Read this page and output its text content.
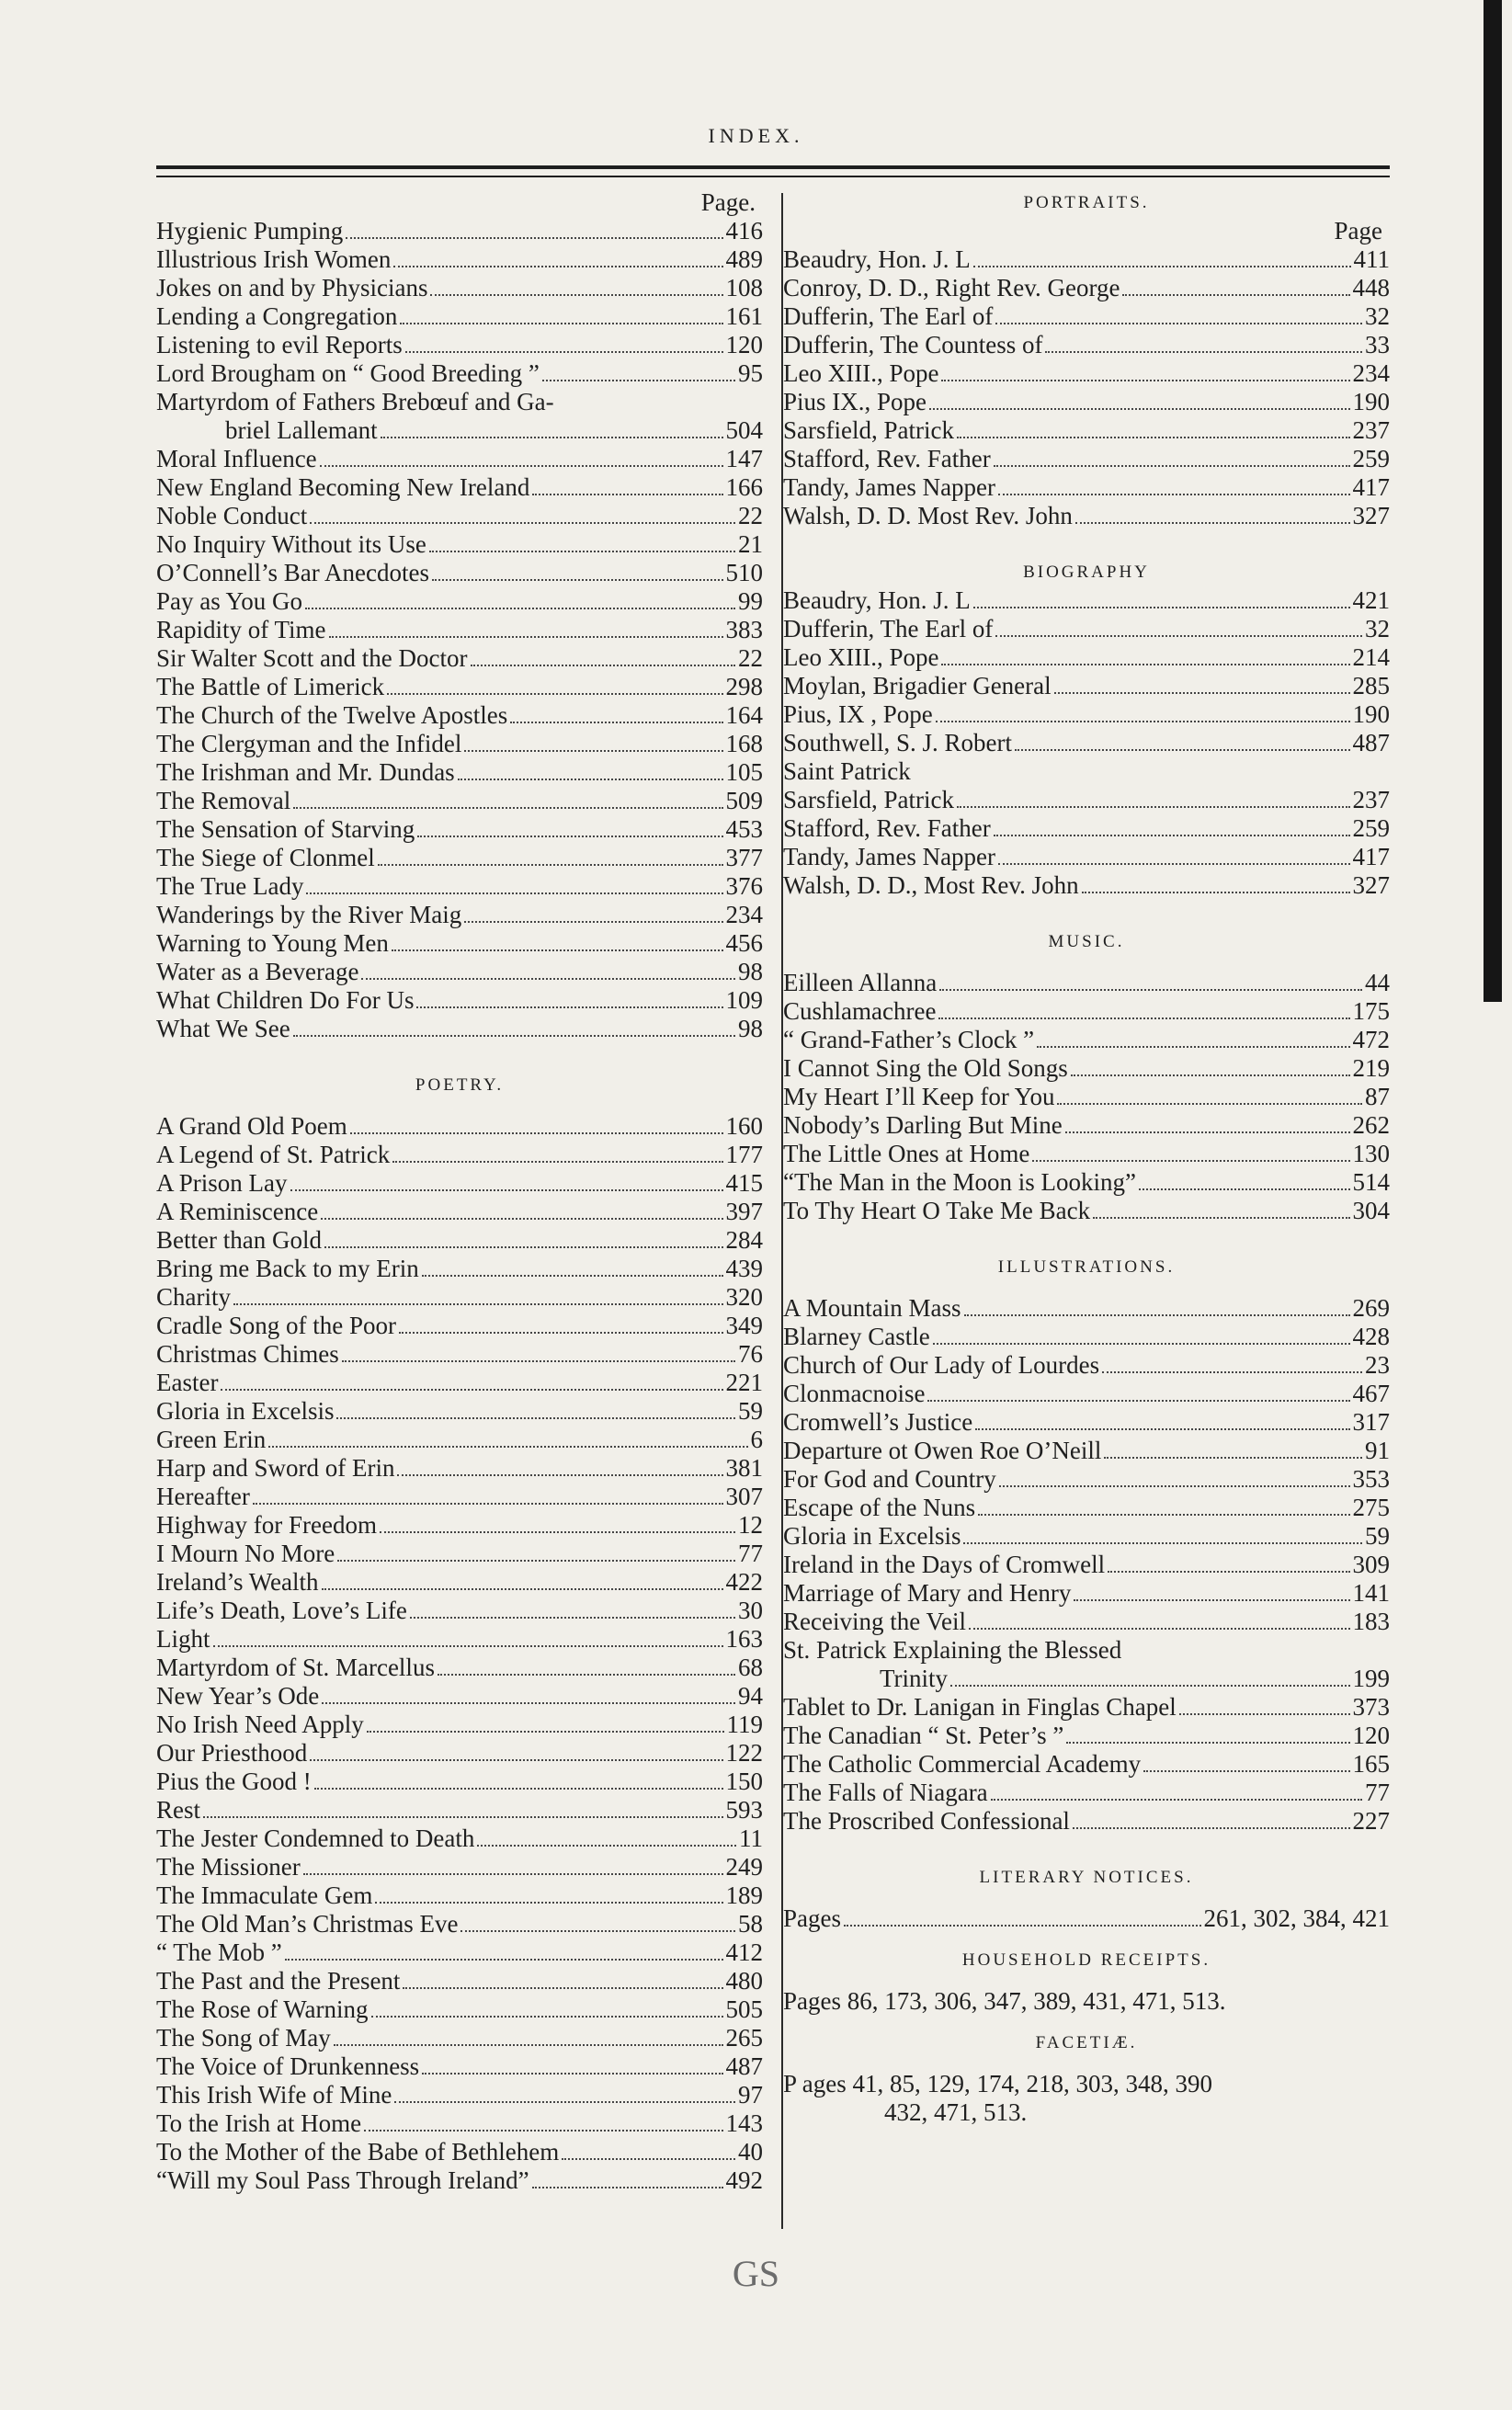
INDEX.
Page.
Hygienic Pumping	416
Illustrious Irish Women	489
Jokes on and by Physicians	108
Lending a Congregation	161
Listening to evil Reports	120
Lord Brougham on “ Good Breeding ”	95
Martyrdom of Fathers Brebœuf and Ga-
briel Lallemant	504
Moral Influence	147
New England Becoming New Ireland	166
Noble Conduct	22
No Inquiry Without its Use	21
O’Connell’s Bar Anecdotes	510
Pay as You Go	99
Rapidity of Time	383
Sir Walter Scott and the Doctor	22
The Battle of Limerick	298
The Church of the Twelve Apostles	164
The Clergyman and the Infidel	168
The Irishman and Mr. Dundas	105
The Removal	509
The Sensation of Starving	453
The Siege of Clonmel	377
The True Lady	376
Wanderings by the River Maig	234
Warning to Young Men	456
Water as a Beverage	98
What Children Do For Us	109
What We See	98
POETRY.
A Grand Old Poem	160
A Legend of St. Patrick	177
A Prison Lay	415
A Reminiscence	397
Better than Gold	284
Bring me Back to my Erin	439
Charity	320
Cradle Song of the Poor	349
Christmas Chimes	76
Easter	221
Gloria in Excelsis	59
Green Erin	6
Harp and Sword of Erin	381
Hereafter	307
Highway for Freedom	12
I Mourn No More	77
Ireland’s Wealth	422
Life’s Death, Love’s Life	30
Light	163
Martyrdom of St. Marcellus	68
New Year’s Ode	94
No Irish Need Apply	119
Our Priesthood	122
Pius the Good !	150
Rest	593
The Jester Condemned to Death	11
The Missioner	249
The Immaculate Gem	189
The Old Man’s Christmas Eve	58
“ The Mob ”	412
The Past and the Present	480
The Rose of Warning	505
The Song of May	265
The Voice of Drunkenness	487
This Irish Wife of Mine	97
To the Irish at Home	143
To the Mother of the Babe of Bethlehem	40
“Will my Soul Pass Through Ireland”	492
PORTRAITS.
Page
Beaudry, Hon. J. L	411
Conroy, D. D., Right Rev. George	448
Dufferin, The Earl of	32
Dufferin, The Countess of	33
Leo XIII., Pope	234
Pius IX., Pope	190
Sarsfield, Patrick	237
Stafford, Rev. Father	259
Tandy, James Napper	417
Walsh, D. D. Most Rev. John	327
BIOGRAPHY
Beaudry, Hon. J. L	421
Dufferin, The Earl of	32
Leo XIII., Pope	214
Moylan, Brigadier General	285
Pius, IX , Pope	190
Southwell, S. J. Robert	487
Saint Patrick
Sarsfield, Patrick	237
Stafford, Rev. Father	259
Tandy, James Napper	417
Walsh, D. D., Most Rev. John	327
MUSIC.
Eilleen Allanna	44
Cushlamachree	175
“ Grand-Father’s Clock ”	472
I Cannot Sing the Old Songs	219
My Heart I’ll Keep for You	87
Nobody’s Darling But Mine	262
The Little Ones at Home	130
“The Man in the Moon is Looking”	514
To Thy Heart O Take Me Back	304
ILLUSTRATIONS.
A Mountain Mass	269
Blarney Castle	428
Church of Our Lady of Lourdes	23
Clonmacnoise	467
Cromwell’s Justice	317
Departure ot Owen Roe O’Neill	91
For God and Country	353
Escape of the Nuns	275
Gloria in Excelsis	59
Ireland in the Days of Cromwell	309
Marriage of Mary and Henry	141
Receiving the Veil	183
St. Patrick Explaining the Blessed
Trinity	199
Tablet to Dr. Lanigan in Finglas Chapel	373
The Canadian “ St. Peter’s ”	120
The Catholic Commercial Academy	165
The Falls of Niagara	77
The Proscribed Confessional	227
LITERARY NOTICES.
Pages	261, 302, 384, 421
HOUSEHOLD RECEIPTS.
Pages 86, 173, 306, 347, 389, 431, 471, 513.
FACETIÆ.
P ages 41, 85, 129, 174, 218, 303, 348, 390
432, 471, 513.
GS
